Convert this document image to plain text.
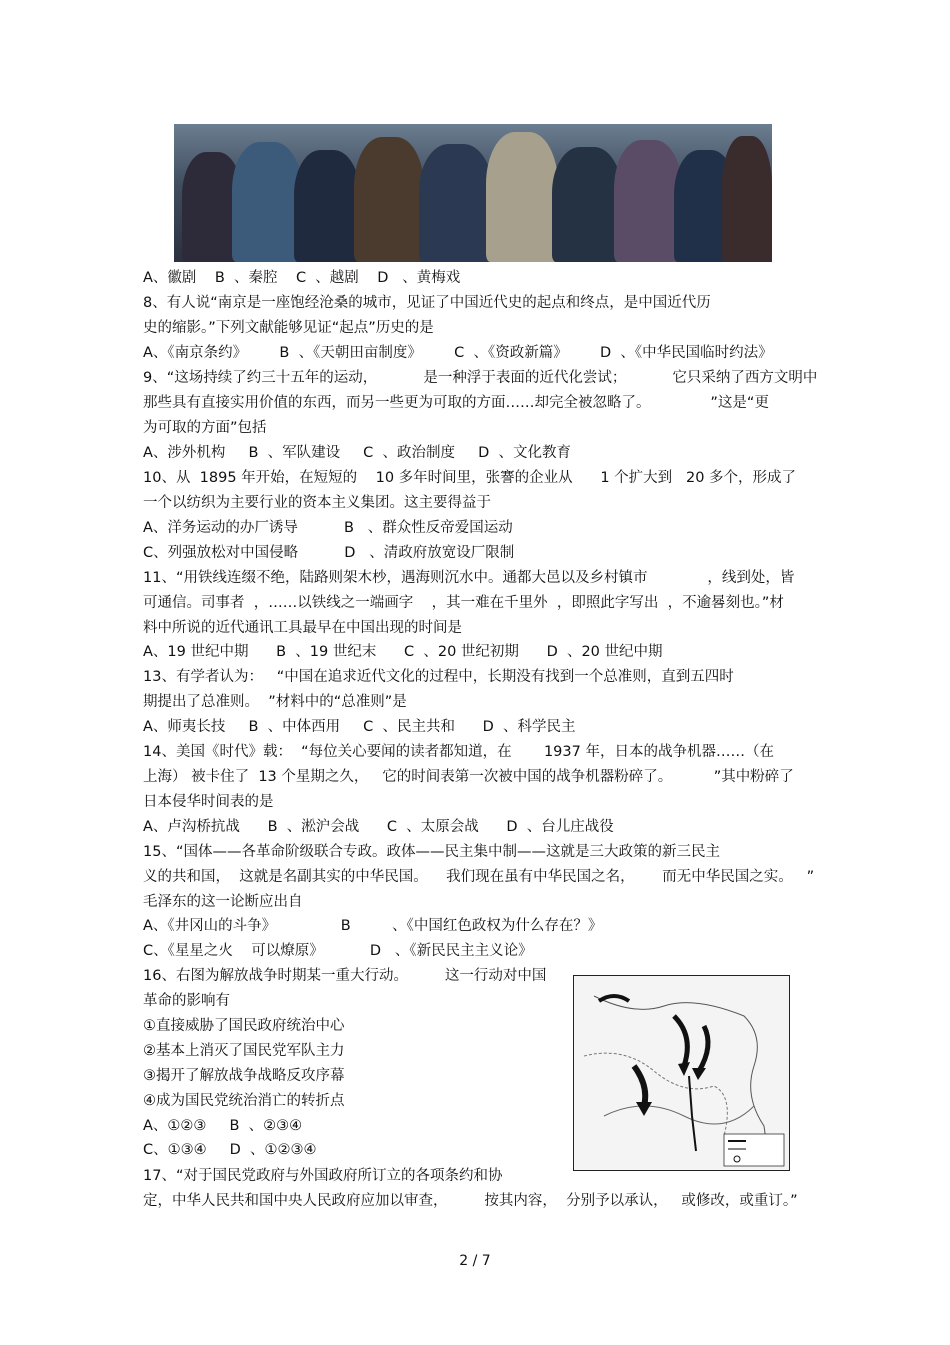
A、徽剧    B  、秦腔    C  、越剧    D   、黄梅戏
8、有人说“南京是一座饱经沧桑的城市，见证了中国近代史的起点和终点，是中国近代历
史的缩影。”下列文献能够见证“起点”历史的是
A、《南京条约》       B  、《天朝田亩制度》       C  、《资政新篇》       D  、《中华民国临时约法》
9、“这场持续了约三十五年的运动，          是一种浮于表面的近代化尝试；          它只采纳了西方文明中
那些具有直接实用价值的东西，而另一些更为可取的方面……却完全被忽略了。             ”这是“更
为可取的方面”包括
A、涉外机构     B  、军队建设     C  、政治制度     D  、文化教育
10、从  1895 年开始，在短短的    10 多年时间里，张謇的企业从      1 个扩大到   20 多个，形成了
一个以纺织为主要行业的资本主义集团。这主要得益于
A、洋务运动的办厂诱导          B   、群众性反帝爱国运动
C、列强放松对中国侵略          D   、清政府放宽设厂限制
11、“用铁线连缀不绝，陆路则架木杪，遇海则沉水中。通都大邑以及乡村镇市             ，线到处，皆
可通信。司事者  ，……以铁线之一端画字    ，其一难在千里外  ，即照此字写出  ，不逾晷刻也。”材
料中所说的近代通讯工具最早在中国出现的时间是
A、19 世纪中期      B  、19 世纪末      C  、20 世纪初期      D  、20 世纪中期
13、有学者认为：   “中国在追求近代文化的过程中，长期没有找到一个总准则，直到五四时
期提出了总准则。  ”材料中的“总准则”是
A、师夷长技     B  、中体西用     C  、民主共和      D  、科学民主
14、美国《时代》载：  “每位关心要闻的读者都知道，在       1937 年，日本的战争机器……（在
上海） 被卡住了  13 个星期之久，   它的时间表第一次被中国的战争机器粉碎了。         ”其中粉碎了
日本侵华时间表的是
A、卢沟桥抗战      B  、淞沪会战      C  、太原会战      D  、台儿庄战役
15、“国体——各革命阶级联合专政。政体——民主集中制——这就是三大政策的新三民主
义的共和国，  这就是名副其实的中华民国。    我们现在虽有中华民国之名，      而无中华民国之实。   ”
毛泽东的这一论断应出自
A、《井冈山的斗争》              B         、《中国红色政权为什么存在？》
C、《星星之火    可以燎原》          D   、《新民民主主义论》
16、右图为解放战争时期某一重大行动。        这一行动对中国
革命的影响有
①直接威胁了国民政府统治中心
②基本上消灭了国民党军队主力
③揭开了解放战争战略反攻序幕
④成为国民党统治消亡的转折点
A、①②③     B  、②③④
C、①③④     D  、①②③④
17、“对于国民党政府与外国政府所订立的各项条约和协
定，中华人民共和国中央人民政府应加以审查，        按其内容，  分别予以承认，   或修改，或重订。”
2 / 7
